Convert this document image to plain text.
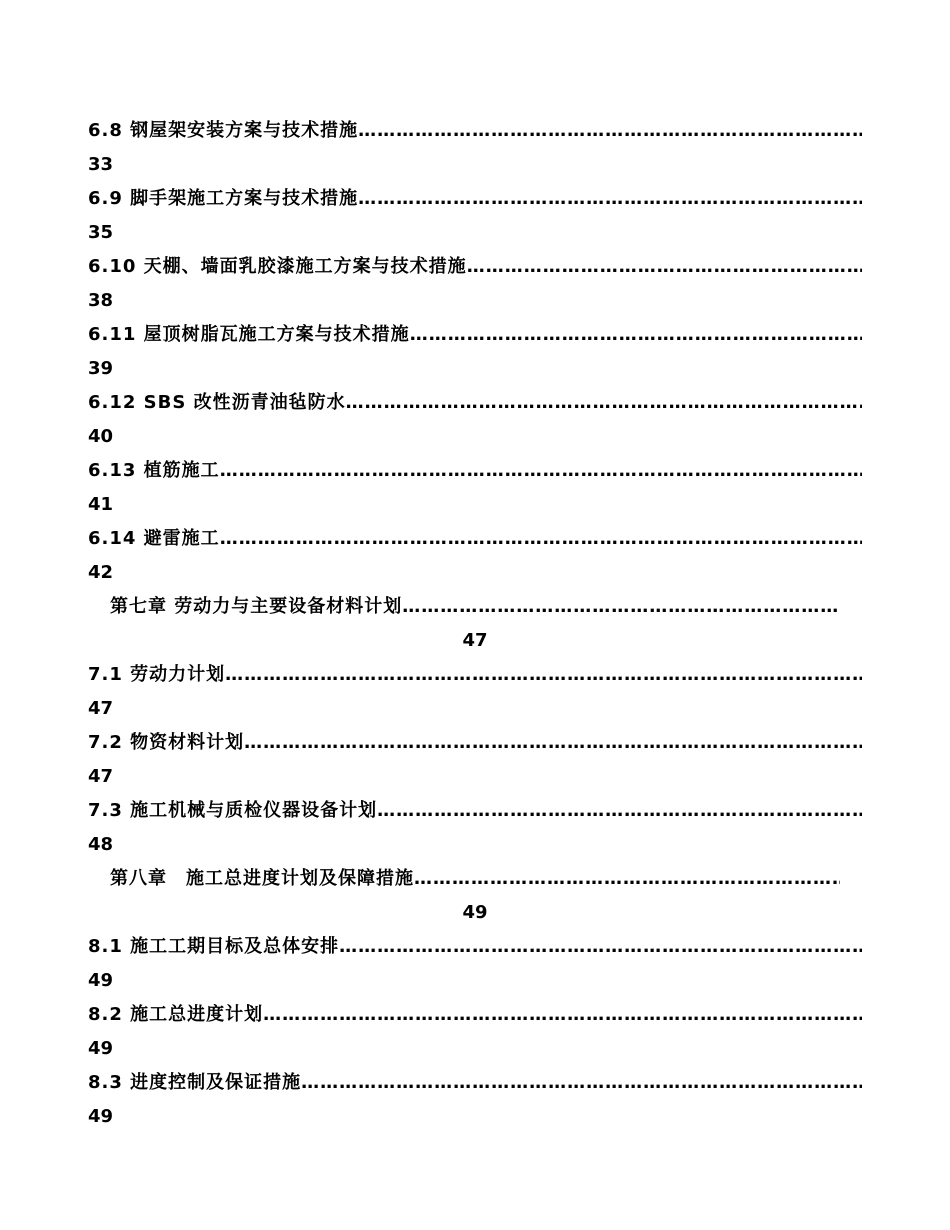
6.8 钢屋架安装方案与技术措施
……………………………………………………………………………………………………………………………………………………………………
33
6.9 脚手架施工方案与技术措施
……………………………………………………………………………………………………………………………………………………………………
35
6.10 天棚、墙面乳胶漆施工方案与技术措施
……………………………………………………………………………………………………………………………………………………………………
38
6.11 屋顶树脂瓦施工方案与技术措施
……………………………………………………………………………………………………………………………………………………………………
39
6.12 SBS 改性沥青油毡防水
……………………………………………………………………………………………………………………………………………………………………
40
6.13 植筋施工
……………………………………………………………………………………………………………………………………………………………………
41
6.14 避雷施工
……………………………………………………………………………………………………………………………………………………………………
42
第七章 劳动力与主要设备材料计划
……………………………………………………………………………………………………………………………………………………………………
47
7.1 劳动力计划
……………………………………………………………………………………………………………………………………………………………………
47
7.2 物资材料计划
……………………………………………………………………………………………………………………………………………………………………
47
7.3 施工机械与质检仪器设备计划
……………………………………………………………………………………………………………………………………………………………………
48
第八章　施工总进度计划及保障措施
……………………………………………………………………………………………………………………………………………………………………
49
8.1 施工工期目标及总体安排
……………………………………………………………………………………………………………………………………………………………………
49
8.2 施工总进度计划
……………………………………………………………………………………………………………………………………………………………………
49
8.3 进度控制及保证措施
……………………………………………………………………………………………………………………………………………………………………
49
